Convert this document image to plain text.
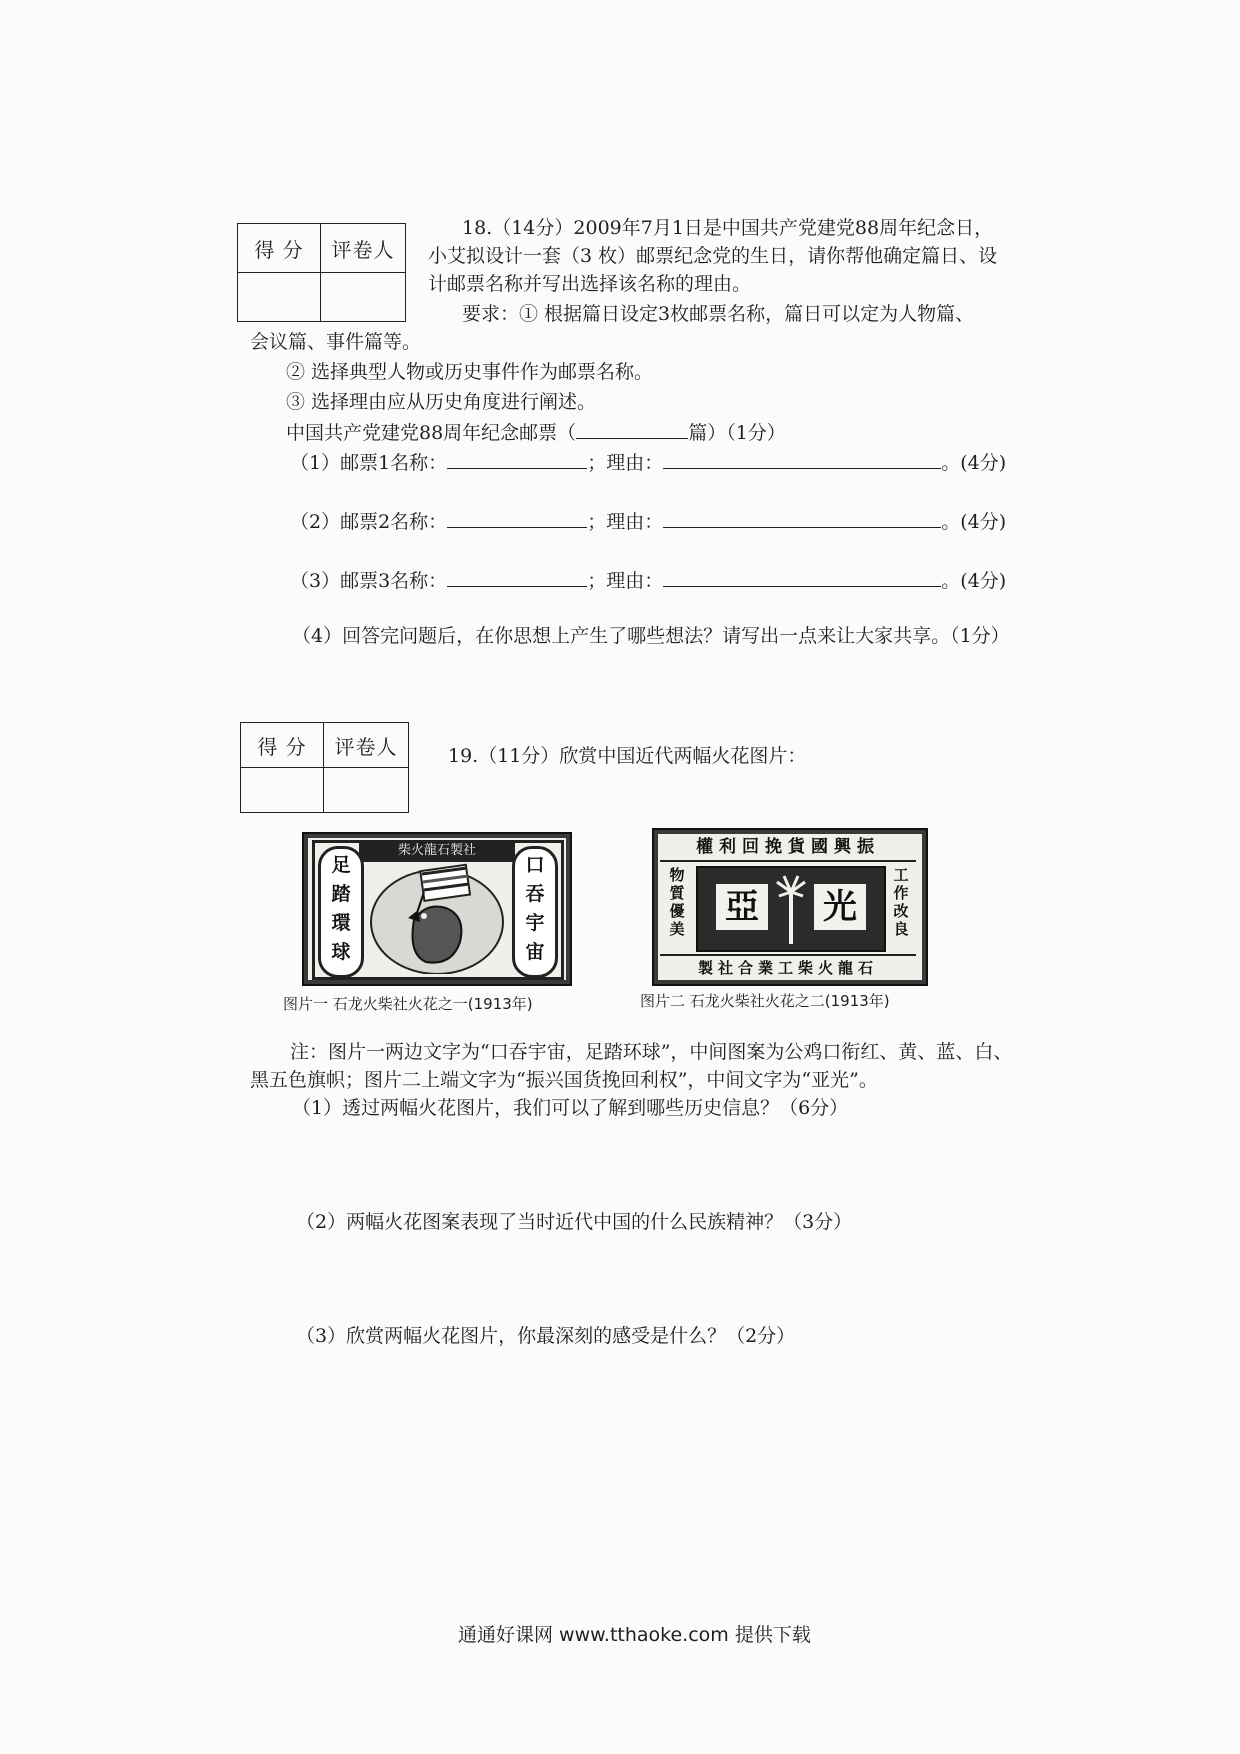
得 分	评卷人

18.（14分）2009年7月1日是中国共产党建党88周年纪念日，
小艾拟设计一套（3 枚）邮票纪念党的生日，请你帮他确定篇日、设
计邮票名称并写出选择该名称的理由。
要求：① 根据篇日设定3枚邮票名称，篇日可以定为人物篇、
会议篇、事件篇等。
② 选择典型人物或历史事件作为邮票名称。
③ 选择理由应从历史角度进行阐述。
中国共产党建党88周年纪念邮票（	篇）（1分）
（1）邮票1名称：	；理由：	。(4分)
（2）邮票2名称：	；理由：	。(4分)
（3）邮票3名称：	；理由：	。(4分)
（4）回答完问题后，在你思想上产生了哪些想法？请写出一点来让大家共享。（1分）
得 分	评卷人
		19.（11分）欣赏中国近代两幅火花图片：
柴火龍石製社
足
踏
環
球
口
吞
宇
宙
图片一 石龙火柴社火花之一(1913年)
權利回挽貨國興振
物
質
優
美
工
作
改
良
亞 光
製社合業工柴火龍石
图片二 石龙火柴社火花之二(1913年)
注：图片一两边文字为“口吞宇宙，足踏环球”，中间图案为公鸡口衔红、黄、蓝、白、
黑五色旗帜；图片二上端文字为“振兴国货挽回利权”，中间文字为“亚光”。
（1）透过两幅火花图片，我们可以了解到哪些历史信息？（6分）
（2）两幅火花图案表现了当时近代中国的什么民族精神？（3分）
（3）欣赏两幅火花图片，你最深刻的感受是什么？（2分）
通通好课网 www.tthaoke.com 提供下载
